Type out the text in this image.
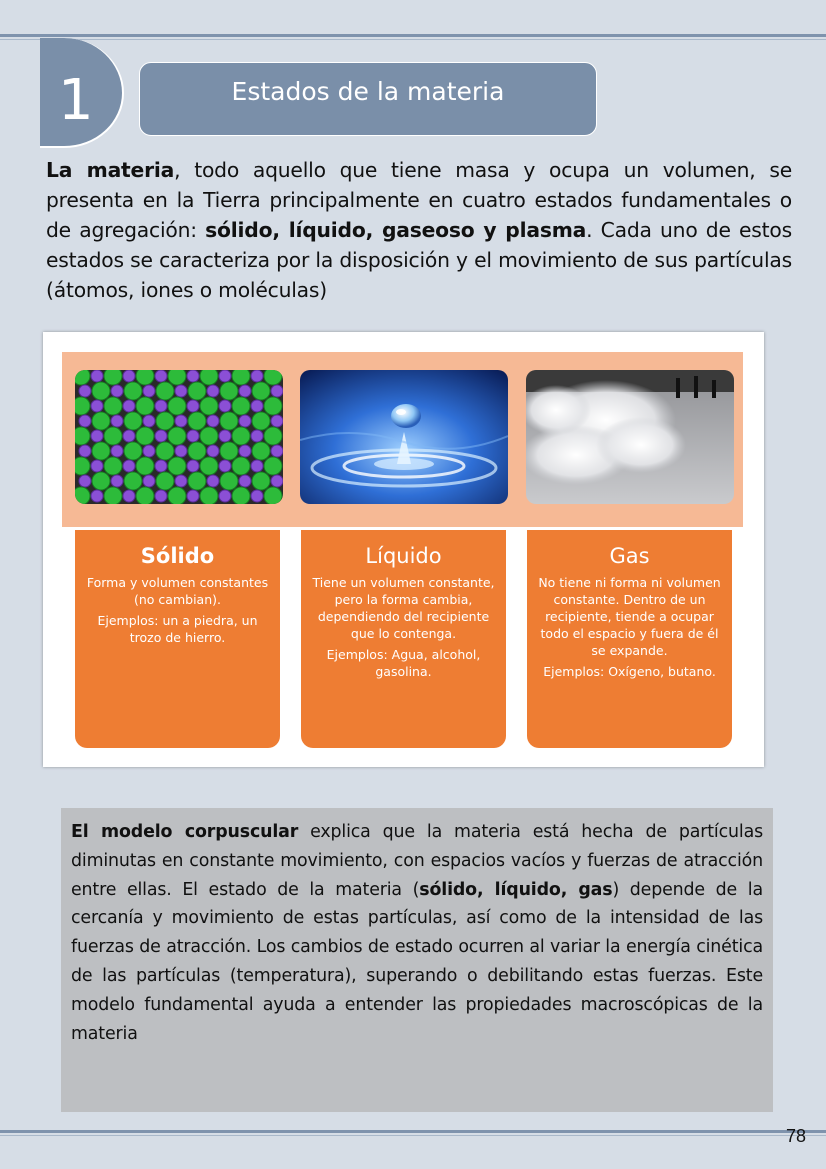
1	Estados de la materia
La materia, todo aquello que tiene masa y ocupa un volumen, se presenta en la Tierra principalmente en cuatro estados fundamentales o de agregación: sólido, líquido, gaseoso y plasma. Cada uno de estos estados se caracteriza por la disposición y el movimiento de sus partículas (átomos, iones o moléculas)
Sólido

Forma y volumen constantes (no cambian).

Ejemplos: un a piedra, un trozo de hierro.

Líquido

Tiene un volumen constante, pero la forma cambia, dependiendo del recipiente que lo contenga.

Ejemplos: Agua, alcohol, gasolina.

Gas

No tiene ni forma ni volumen constante. Dentro de un recipiente, tiende a ocupar todo el espacio y fuera de él se expande.

Ejemplos: Oxígeno, butano.

El modelo corpuscular explica que la materia está hecha de partículas diminutas en constante movimiento, con espacios vacíos y fuerzas de atracción entre ellas. El estado de la materia (sólido, líquido, gas) depende de la cercanía y movimiento de estas partículas, así como de la intensidad de las fuerzas de atracción. Los cambios de estado ocurren al variar la energía cinética de las partículas (temperatura), superando o debilitando estas fuerzas. Este modelo fundamental ayuda a entender las propiedades macroscópicas de la materia
78
